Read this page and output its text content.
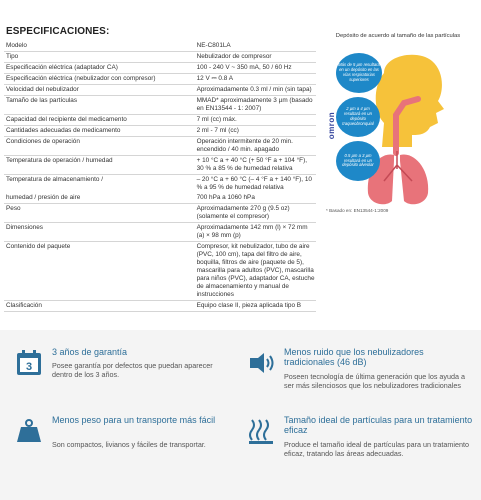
ESPECIFICACIONES:
Modelo	NE-C801LA
Tipo	Nebulizador de compresor
Especificación eléctrica (adaptador CA)	100 - 240 V ~ 350 mA, 50 / 60 Hz
Especificación eléctrica (nebulizador con compresor)	12 V ⎓ 0.8 A
Velocidad del nebulizador	Aproximadamente 0.3 ml / min (sin tapa)
Tamaño de las partículas	MMAD* aproximadamente 3 µm (basado en EN13544 - 1: 2007)
Capacidad del recipiente del medicamento	7 ml (cc) máx.
Cantidades adecuadas de medicamento	2 ml - 7 ml (cc)
Condiciones de operación	Operación intermitente de 20 min. encendido / 40 min. apagado
Temperatura de operación / humedad	+ 10 °C a + 40 °C (+ 50 °F a + 104 °F), 30 % a 85 % de humedad relativa
Temperatura de almacenamiento /	– 20 °C a + 60 °C (– 4 °F a + 140 °F), 10 % a 95 % de humedad relativa
humedad / presión de aire	700 hPa a 1060 hPa
Peso	Aproximadamente 270 g (9.5 oz) (solamente el compresor)
Dimensiones	Aproximadamente 142 mm (l) × 72 mm (a) × 98 mm (p)
Contenido del paquete	Compresor, kit nebulizador, tubo de aire (PVC, 100 cm), tapa del filtro de aire, boquilla, filtros de aire (paquete de 5), mascarilla para adultos (PVC), mascarilla para niños (PVC), adaptador CA, estuche de almacenamiento y manual de instrucciones
Clasificación	Equipo clase II, pieza aplicada tipo B
Depósito de acuerdo al tamaño de las partículas
omron
Más de 5 µm resultará en un depósito en las vías respiratorias superiores
2 µm a 4 µm resultará en un depósito traqueobronquial
0.5 µm a 3 µm resultará en un depósito alveolar
* Basado en: EN13544-1:2009
3
3 años de garantía
Posee garantía por defectos que puedan aparecer dentro de los 3 años.
Menos ruido que los nebulizadores tradicionales (46 dB)
Poseen tecnología de última generación que los ayuda a ser más silenciosos que los nebulizadores tradicionales
Menos peso para un transporte más fácil
Son compactos, livianos y fáciles de transportar.
Tamaño ideal de partículas para un tratamiento eficaz
Produce el tamaño ideal de partículas para un tratamiento eficaz, tratando las áreas adecuadas.
